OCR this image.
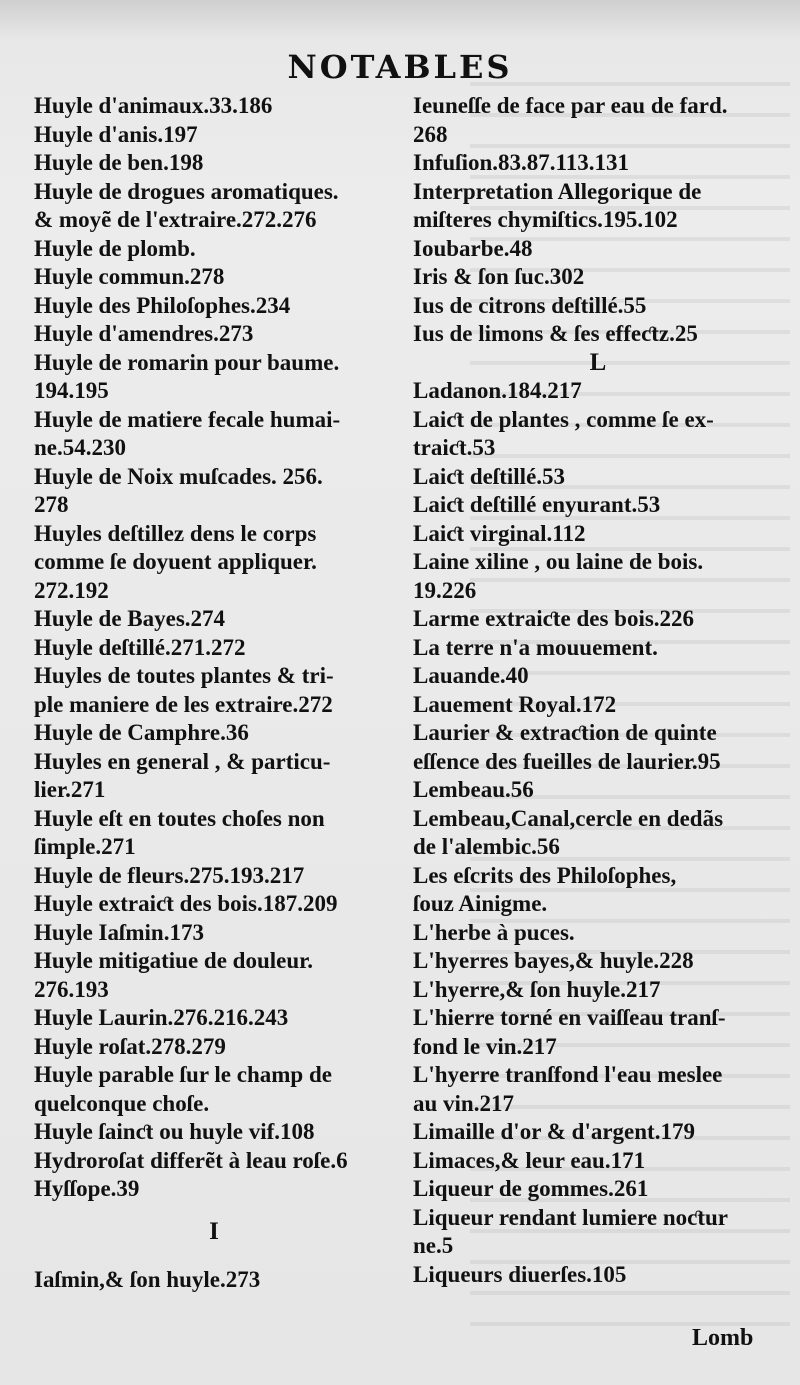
NOTABLES
Huyle d'animaux.33.186
Huyle d'anis.197
Huyle de ben.198
Huyle de drogues aromatiques.
& moyẽ de l'extraire.272.276
Huyle de plomb.
Huyle commun.278
Huyle des Philoſophes.234
Huyle d'amendres.273
Huyle de romarin pour baume.
194.195
Huyle de matiere fecale humai-
ne.54.230
Huyle de Noix muſcades. 256.
278
Huyles deſtillez dens le corps
comme ſe doyuent appliquer.
272.192
Huyle de Bayes.274
Huyle deſtillé.271.272
Huyles de toutes plantes & tri-
ple maniere de les extraire.272
Huyle de Camphre.36
Huyles en general , & particu-
lier.271
Huyle eſt en toutes choſes non
ſimple.271
Huyle de fleurs.275.193.217
Huyle extraiƈt des bois.187.209
Huyle Iaſmin.173
Huyle mitigatiue de douleur.
276.193
Huyle Laurin.276.216.243
Huyle roſat.278.279
Huyle parable ſur le champ de
quelconque choſe.
Huyle ſainƈt ou huyle vif.108
Hydroroſat differẽt à leau roſe.6
Hyſſope.39
I
Iaſmin,& ſon huyle.273
Ieuneſſe de face par eau de fard.
268
Infuſion.83.87.113.131
Interpretation Allegorique de
miſteres chymiſtics.195.102
Ioubarbe.48
Iris & ſon ſuc.302
Ius de citrons deſtillé.55
Ius de limons & ſes effeƈtz.25
L
Ladanon.184.217
Laiƈt de plantes , comme ſe ex-
traiƈt.53
Laiƈt deſtillé.53
Laiƈt deſtillé enyurant.53
Laiƈt virginal.112
Laine xiline , ou laine de bois.
19.226
Larme extraiƈte des bois.226
La terre n'a mouuement.
Lauande.40
Lauement Royal.172
Laurier & extraƈtion de quinte
eſſence des fueilles de laurier.95
Lembeau.56
Lembeau,Canal,cercle en dedãs
de l'alembic.56
Les eſcrits des Philoſophes,
ſouz Ainigme.
L'herbe à puces.
L'hyerres bayes,& huyle.228
L'hyerre,& ſon huyle.217
L'hierre torné en vaiſſeau tranſ-
fond le vin.217
L'hyerre tranſfond l'eau meslee
au vin.217
Limaille d'or & d'argent.179
Limaces,& leur eau.171
Liqueur de gommes.261
Liqueur rendant lumiere noƈtur
ne.5
Liqueurs diuerſes.105
Lomb
